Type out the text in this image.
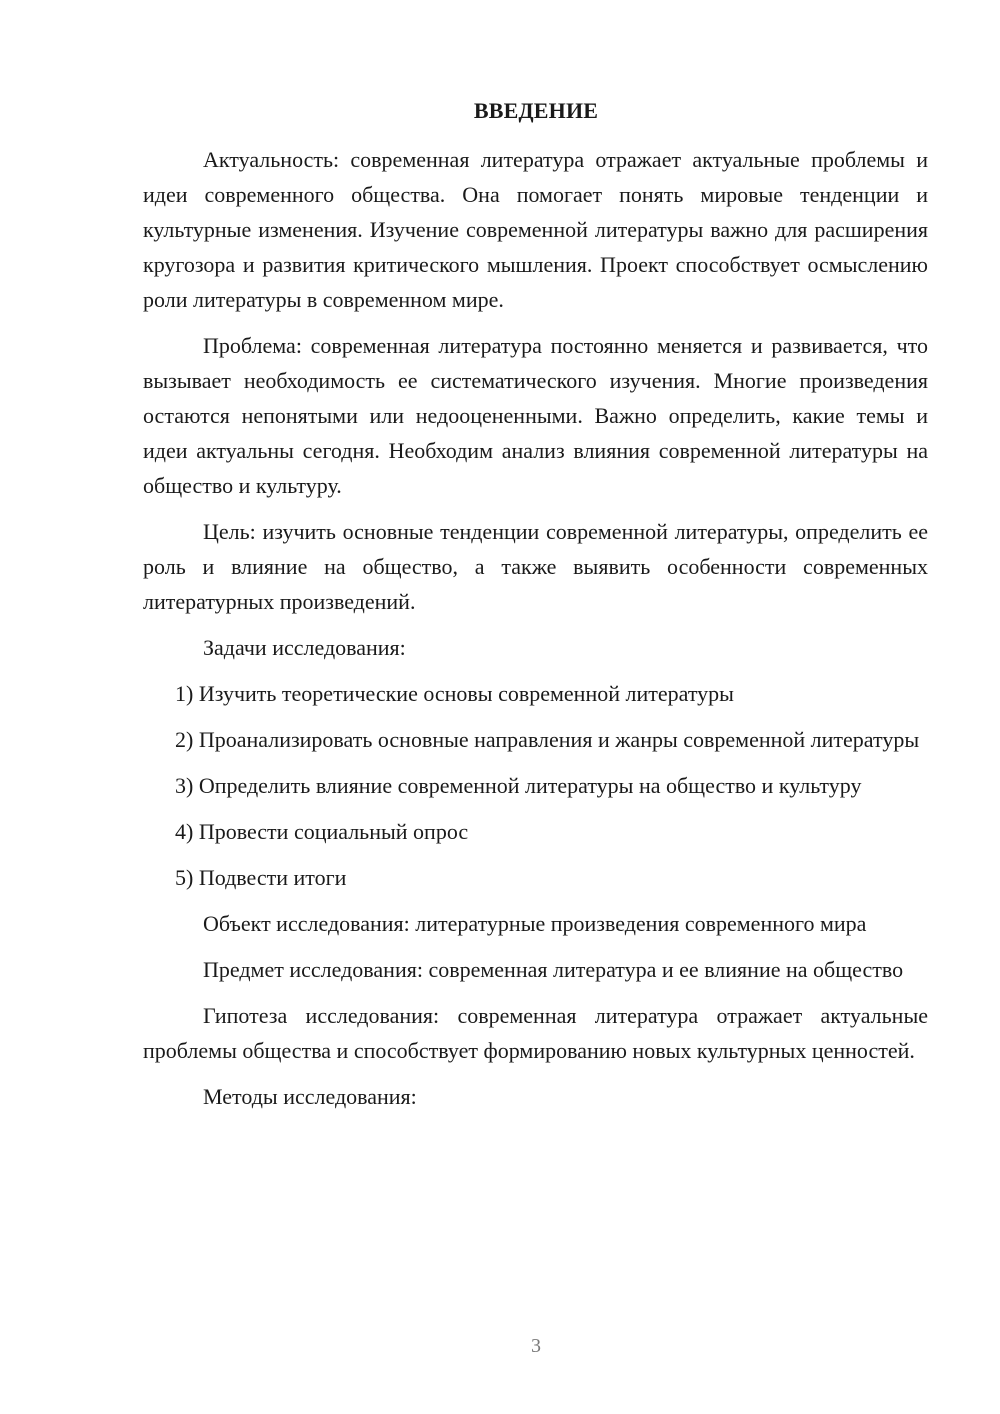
ВВЕДЕНИЕ

Актуальность: современная литература отражает актуальные проблемы и идеи современного общества. Она помогает понять мировые тенденции и культурные изменения. Изучение современной литературы важно для расширения кругозора и развития критического мышления. Проект способствует осмыслению роли литературы в современном мире.

Проблема: современная литература постоянно меняется и развивается, что вызывает необходимость ее систематического изучения. Многие произведения остаются непонятыми или недооцененными. Важно определить, какие темы и идеи актуальны сегодня. Необходим анализ влияния современной литературы на общество и культуру.

Цель: изучить основные тенденции современной литературы, определить ее роль и влияние на общество, а также выявить особенности современных литературных произведений.

Задачи исследования:

1) Изучить теоретические основы современной литературы

2) Проанализировать основные направления и жанры современной литературы

3) Определить влияние современной литературы на общество и культуру

4) Провести социальный опрос

5) Подвести итоги

Объект исследования: литературные произведения современного мира

Предмет исследования: современная литература и ее влияние на общество

Гипотеза исследования: современная литература отражает актуальные проблемы общества и способствует формированию новых культурных ценностей.

Методы исследования:

3
